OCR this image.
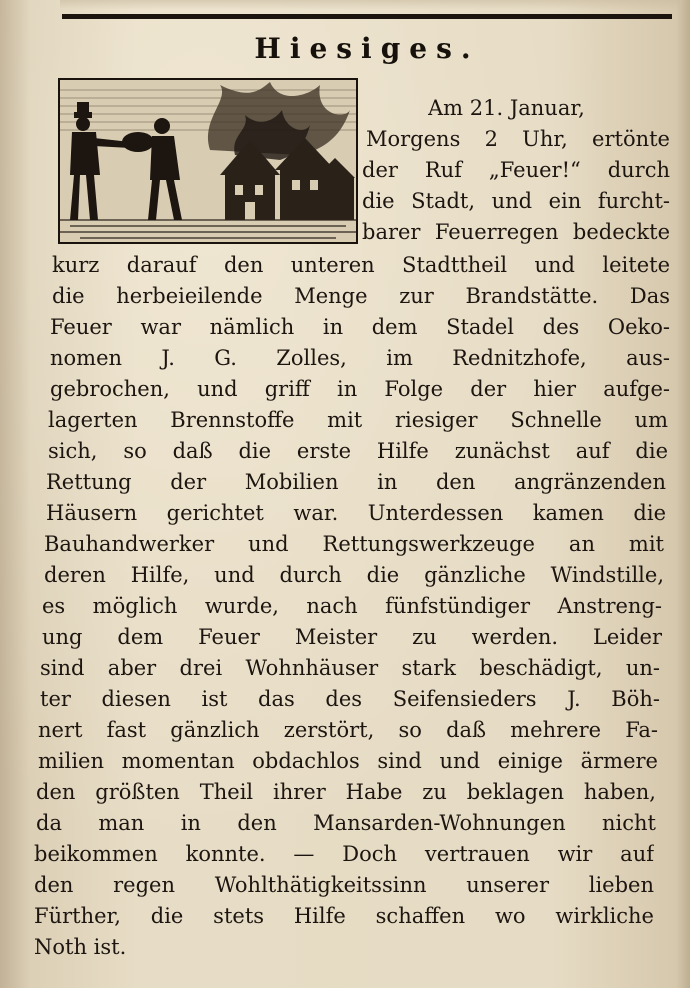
Hiesiges.
Am 21. Januar,
Morgens 2 Uhr, ertönte
der Ruf „Feuer!“ durch
die Stadt, und ein furcht-
barer Feuerregen bedeckte
kurz darauf den unteren Stadttheil und leitete
die herbeieilende Menge zur Brandstätte. Das
Feuer war nämlich in dem Stadel des Oeko-
nomen J. G. Zolles, im Rednitzhofe, aus-
gebrochen, und griff in Folge der hier aufge-
lagerten Brennstoffe mit riesiger Schnelle um
sich, so daß die erste Hilfe zunächst auf die
Rettung der Mobilien in den angränzenden
Häusern gerichtet war. Unterdessen kamen die
Bauhandwerker und Rettungswerkzeuge an mit
deren Hilfe, und durch die gänzliche Windstille,
es möglich wurde, nach fünfstündiger Anstreng-
ung dem Feuer Meister zu werden. Leider
sind aber drei Wohnhäuser stark beschädigt, un-
ter diesen ist das des Seifensieders J. Böh-
nert fast gänzlich zerstört, so daß mehrere Fa-
milien momentan obdachlos sind und einige ärmere
den größten Theil ihrer Habe zu beklagen haben,
da man in den Mansarden-Wohnungen nicht
beikommen konnte. — Doch vertrauen wir auf
den regen Wohlthätigkeitssinn unserer lieben
Fürther, die stets Hilfe schaffen wo wirkliche
Noth ist.
